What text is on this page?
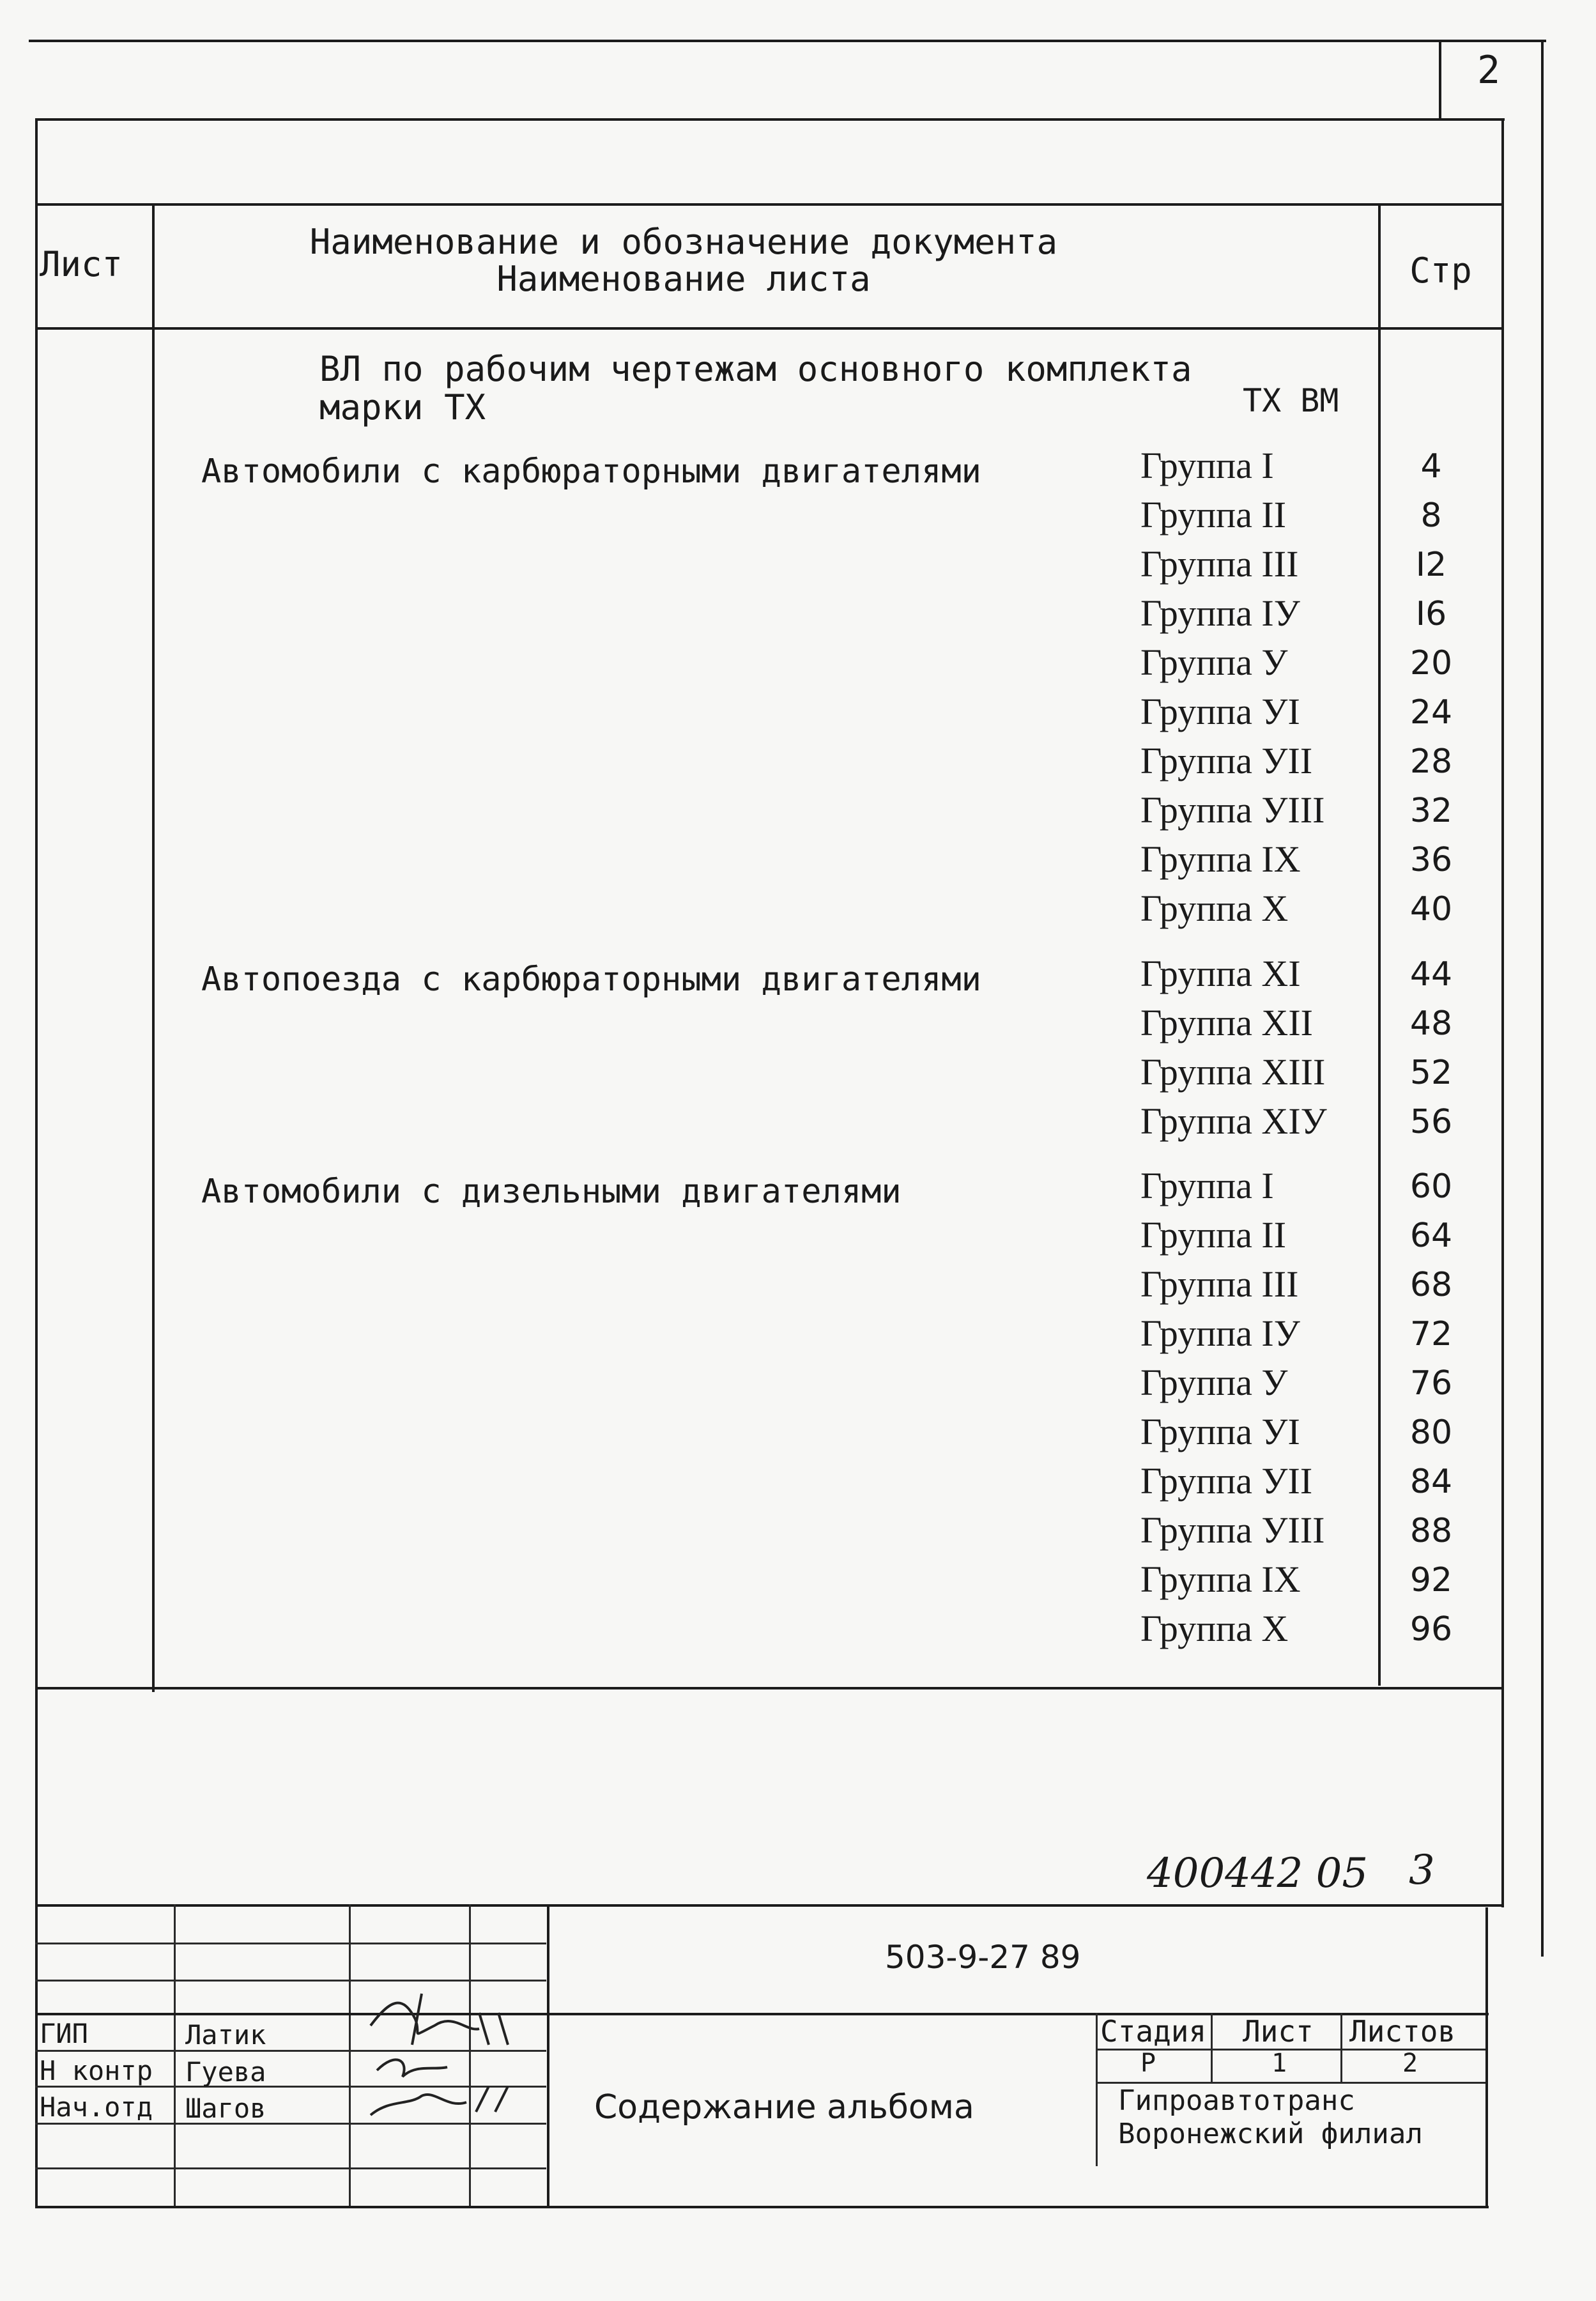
2
Лист
Наименование и обозначение документа
Наименование листа	Стр
ВЛ по рабочим чертежам основного комплекта
марки ТХ	ТХ ВМ
Автомобили с карбюраторными двигателями	Группа I	4
Группа II	8
Группа III	I2
Группа IУ	I6
Группа У	20
Группа УI	24
Группа УII	28
Группа УIII	32
Группа IX	36
Группа X	40
Автопоезда с карбюраторными двигателями	Группа XI	44
Группа XII	48
Группа XIII	52
Группа XIУ	56
Автомобили с дизельными двигателями	Группа I	60
Группа II	64
Группа III	68
Группа IУ	72
Группа У	76
Группа УI	80
Группа УII	84
Группа УIII	88
Группа IX	92
Группа X	96
400442 05 3
503-9-27 89
ГИП	Латик
Н контр Гуева
Нач.отд Шагов	Содержание альбома
Стадия Лист Листов
Р	1	2
Гипроавтотранс
Воронежский филиал
